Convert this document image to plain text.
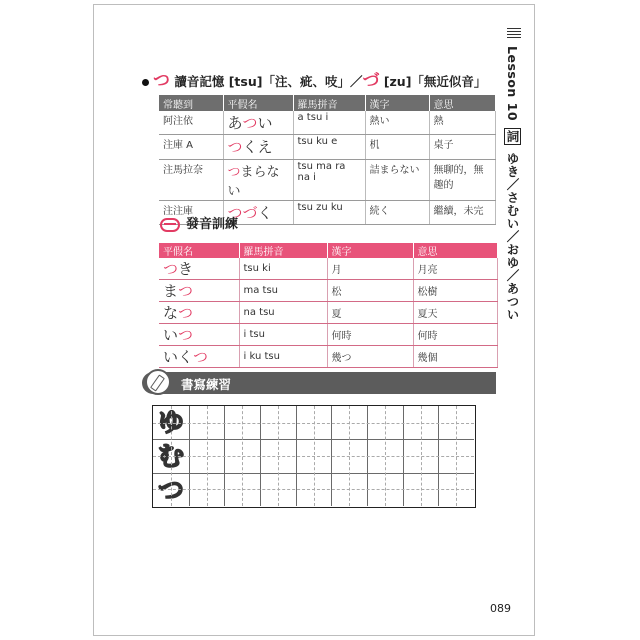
Lesson 10 詞 ゆき／さむい／おゆ／あつい
つ 讀音記憶 [tsu]「注、疵、吱」／づ [zu]「無近似音」
常聽到	平假名	羅馬拼音	漢字	意思
阿注依	あつい	a tsu i	熱い	熱
注庫 A	つくえ	tsu ku e	机	桌子
注馬拉奈	つまらない	tsu ma ra na i	詰まらない	無聊的，無趣的
注注庫	つづく	tsu zu ku	続く	繼續，未完
發音訓練
平假名	羅馬拼音	漢字	意思
つき	tsu ki	月	月亮
まつ	ma tsu	松	松樹
なつ	na tsu	夏	夏天
いつ	i tsu	何時	何時
いくつ	i ku tsu	幾つ	幾個
書寫練習
ゆ
む
つ
089
